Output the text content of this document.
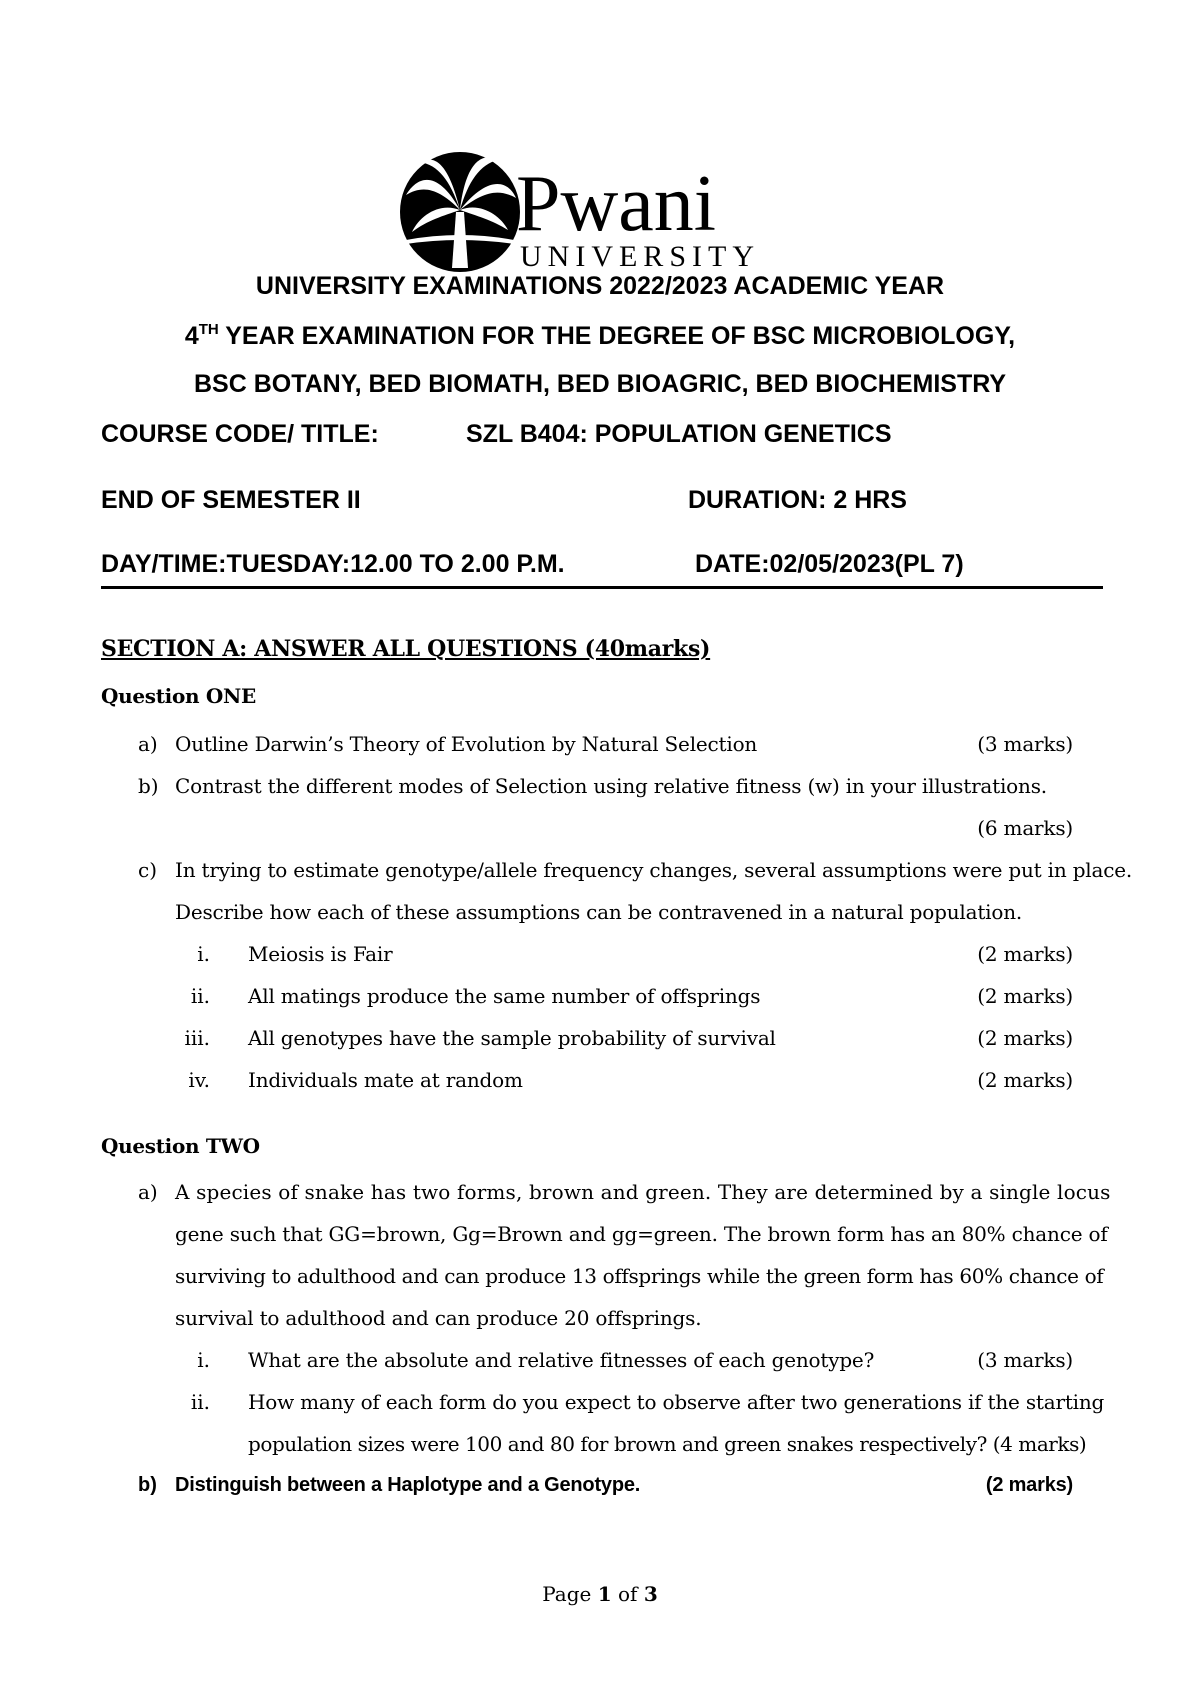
Pwani
UNIVERSITY
UNIVERSITY EXAMINATIONS 2022/2023 ACADEMIC YEAR
4TH YEAR EXAMINATION FOR THE DEGREE OF BSC MICROBIOLOGY,
BSC BOTANY, BED BIOMATH, BED BIOAGRIC, BED BIOCHEMISTRY
COURSE CODE/ TITLE:	SZL B404: POPULATION GENETICS
END OF SEMESTER II	DURATION: 2 HRS
DAY/TIME:TUESDAY:12.00 TO 2.00 P.M.	DATE:02/05/2023(PL 7)
SECTION A: ANSWER ALL QUESTIONS (40marks)
Question ONE
a) Outline Darwin’s Theory of Evolution by Natural Selection	(3 marks)
b) Contrast the different modes of Selection using relative fitness (w) in your illustrations.
(6 marks)
c) In trying to estimate genotype/allele frequency changes, several assumptions were put in place.
Describe how each of these assumptions can be contravened in a natural population.
i. Meiosis is Fair	(2 marks)
ii. All matings produce the same number of offsprings	(2 marks)
iii. All genotypes have the sample probability of survival	(2 marks)
iv. Individuals mate at random	(2 marks)
Question TWO
a) A species of snake has two forms, brown and green. They are determined by a single locus
gene such that GG=brown, Gg=Brown and gg=green. The brown form has an 80% chance of
surviving to adulthood and can produce 13 offsprings while the green form has 60% chance of
survival to adulthood and can produce 20 offsprings.
i. What are the absolute and relative fitnesses of each genotype?	(3 marks)
ii. How many of each form do you expect to observe after two generations if the starting
population sizes were 100 and 80 for brown and green snakes respectively? (4 marks)
b) Distinguish between a Haplotype and a Genotype.	(2 marks)
Page 1 of 3
